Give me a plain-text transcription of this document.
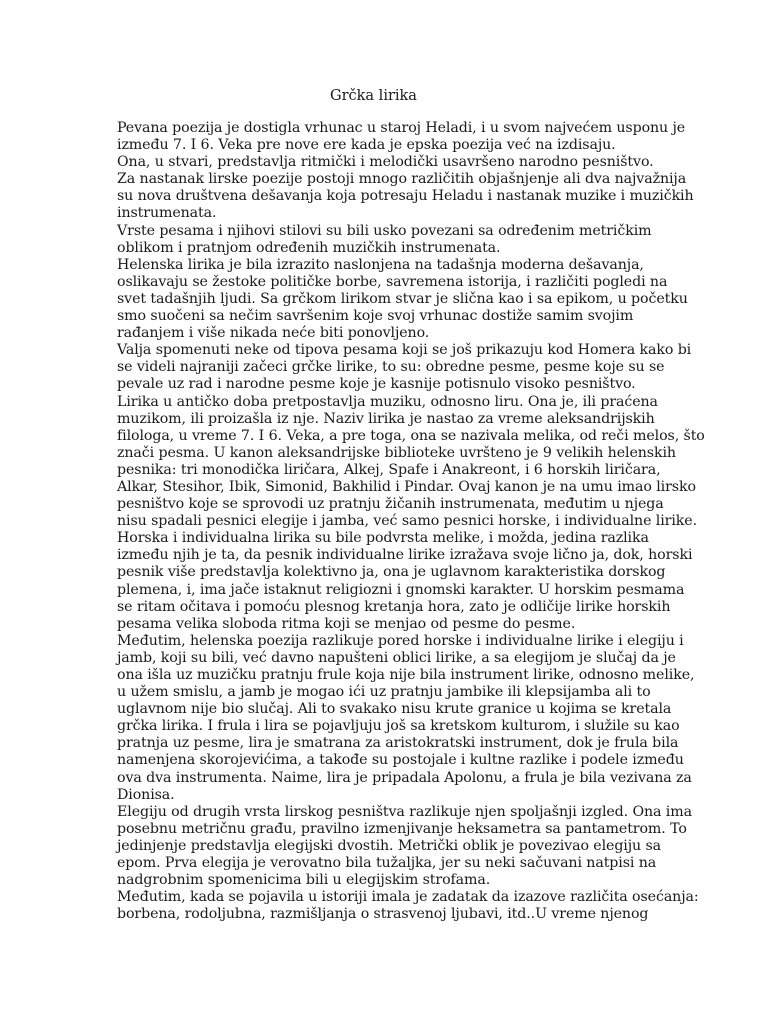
Grčka lirika
Pevana poezija je dostigla vrhunac u staroj Heladi, i u svom najvećem usponu je
između 7. I 6. Veka pre nove ere kada je epska poezija već na izdisaju.
Ona, u stvari, predstavlja ritmički i melodički usavršeno narodno pesništvo.
Za nastanak lirske poezije postoji mnogo različitih objašnjenje ali dva najvažnija
su nova društvena dešavanja koja potresaju Heladu i nastanak muzike i muzičkih
instrumenata.
Vrste pesama i njihovi stilovi su bili usko povezani sa određenim metričkim
oblikom i pratnjom određenih muzičkih instrumenata.
Helenska lirika je bila izrazito naslonjena na tadašnja moderna dešavanja,
oslikavaju se žestoke političke borbe, savremena istorija, i različiti pogledi na
svet tadašnjih ljudi. Sa grčkom lirikom stvar je slična kao i sa epikom, u početku
smo suočeni sa nečim savršenim koje svoj vrhunac dostiže samim svojim
rađanjem i više nikada neće biti ponovljeno.
Valja spomenuti neke od tipova pesama koji se još prikazuju kod Homera kako bi
se videli najraniji začeci grčke lirike, to su: obredne pesme, pesme koje su se
pevale uz rad i narodne pesme koje je kasnije potisnulo visoko pesništvo.
Lirika u antičko doba pretpostavlja muziku, odnosno liru. Ona je, ili praćena
muzikom, ili proizašla iz nje. Naziv lirika je nastao za vreme aleksandrijskih
filologa, u vreme 7. I 6. Veka, a pre toga, ona se nazivala melika, od reči melos, što
znači pesma. U kanon aleksandrijske biblioteke uvršteno je 9 velikih helenskih
pesnika: tri monodička liričara, Alkej, Spafe i Anakreont, i 6 horskih liričara,
Alkar, Stesihor, Ibik, Simonid, Bakhilid i Pindar. Ovaj kanon je na umu imao lirsko
pesništvo koje se sprovodi uz pratnju žičanih instrumenata, međutim u njega
nisu spadali pesnici elegije i jamba, već samo pesnici horske, i individualne lirike.
Horska i individualna lirika su bile podvrsta melike, i možda, jedina razlika
između njih je ta, da pesnik individualne lirike izražava svoje lično ja, dok, horski
pesnik više predstavlja kolektivno ja, ona je uglavnom karakteristika dorskog
plemena, i, ima jače istaknut religiozni i gnomski karakter. U horskim pesmama
se ritam očitava i pomoću plesnog kretanja hora, zato je odličije lirike horskih
pesama velika sloboda ritma koji se menjao od pesme do pesme.
Međutim, helenska poezija razlikuje pored horske i individualne lirike i elegiju i
jamb, koji su bili, već davno napušteni oblici lirike, a sa elegijom je slučaj da je
ona išla uz muzičku pratnju frule koja nije bila instrument lirike, odnosno melike,
u užem smislu, a jamb je mogao ići uz pratnju jambike ili klepsijamba ali to
uglavnom nije bio slučaj. Ali to svakako nisu krute granice u kojima se kretala
grčka lirika. I frula i lira se pojavljuju još sa kretskom kulturom, i služile su kao
pratnja uz pesme, lira je smatrana za aristokratski instrument, dok je frula bila
namenjena skorojevićima, a takođe su postojale i kultne razlike i podele između
ova dva instrumenta. Naime, lira je pripadala Apolonu, a frula je bila vezivana za
Dionisa.
Elegiju od drugih vrsta lirskog pesništva razlikuje njen spoljašnji izgled. Ona ima
posebnu metričnu građu, pravilno izmenjivanje heksametra sa pantametrom. To
jedinjenje predstavlja elegijski dvostih. Metrički oblik je povezivao elegiju sa
epom. Prva elegija je verovatno bila tužaljka, jer su neki sačuvani natpisi na
nadgrobnim spomenicima bili u elegijskim strofama.
Međutim, kada se pojavila u istoriji imala je zadatak da izazove različita osećanja:
borbena, rodoljubna, razmišljanja o strasvenoj ljubavi, itd..U vreme njenog
